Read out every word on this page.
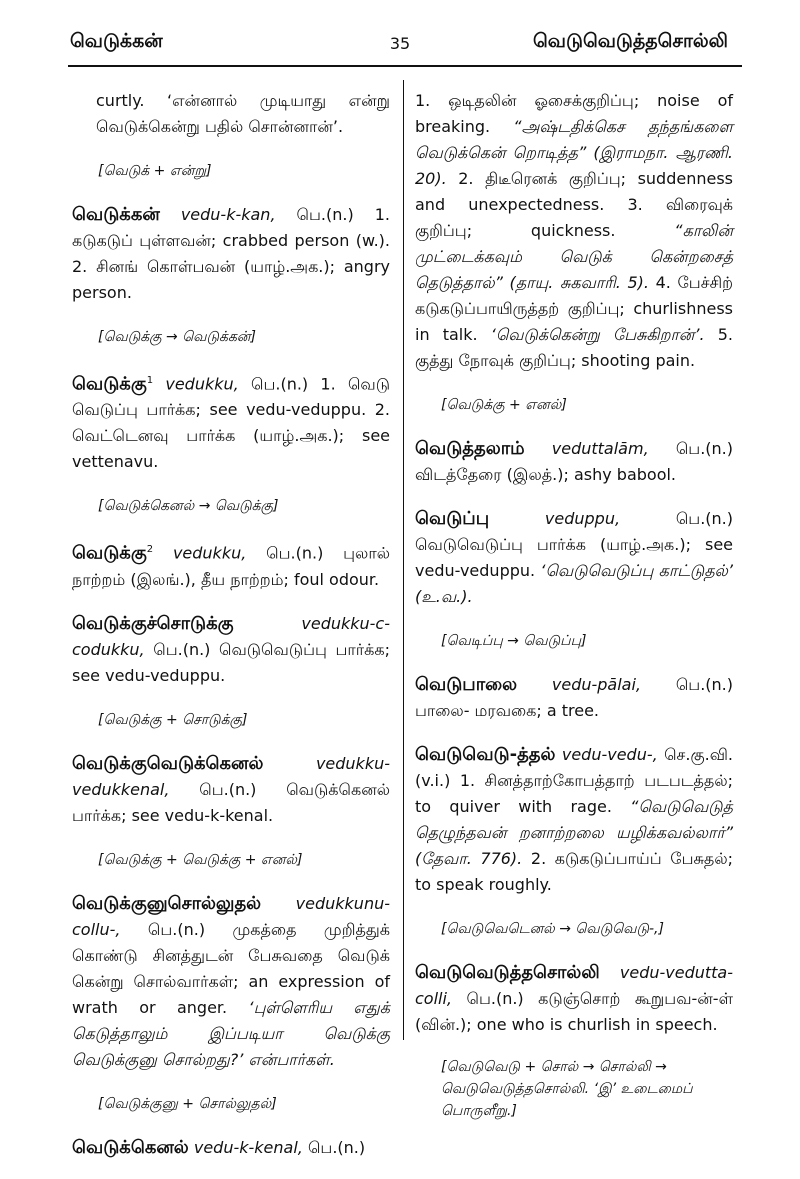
வெடுக்கன்	35	வெடுவெடுத்தசொல்லி

curtly. ‘என்னால் முடியாது என்று வெடுக்கென்று பதில் சொன்னான்’.

[வெடுக் + என்று]

வெடுக்கன் vedu-k-kan, பெ.(n.) 1. கடுகடுப் புள்ளவன்; crabbed person (w.). 2. சினங் கொள்பவன் (யாழ்.அக.); angry person.

[வெடுக்கு → வெடுக்கன்]

வெடுக்கு$^1$ vedukku, பெ.(n.) 1. வெடு வெடுப்பு பார்க்க; see vedu-veduppu. 2. வெட்டெனவு பார்க்க (யாழ்.அக.); see vettenavu.

[வெடுக்கெனல் → வெடுக்கு]

வெடுக்கு$^2$ vedukku, பெ.(n.) புலால் நாற்றம் (இலங்.), தீய நாற்றம்; foul odour.

வெடுக்குச்சொடுக்கு	vedukku-c-codukku, பெ.(n.) வெடுவெடுப்பு பார்க்க; see vedu-veduppu.

[வெடுக்கு + சொடுக்கு]

வெடுக்குவெடுக்கெனல்	vedukku-vedukkenal, பெ.(n.) வெடுக்கெனல் பார்க்க; see vedu-k-kenal.

[வெடுக்கு + வெடுக்கு + எனல்]

வெடுக்குனுசொல்லுதல் vedukkunu-collu-, பெ.(n.) முகத்தை முறித்துக் கொண்டு சினத்துடன் பேசுவதை வெடுக் கென்று சொல்வார்கள்; an expression of wrath or anger. ‘புள்ளெரிய எதுக் கெடுத்தாலும் இப்படியா வெடுக்கு வெடுக்குனு சொல்றது?’ என்பார்கள்.

[வெடுக்குனு + சொல்லுதல்]

வெடுக்கெனல் vedu-k-kenal, பெ.(n.)

1. ஒடிதலின் ஓசைக்குறிப்பு; noise of breaking. “அஷ்டதிக்கெச தந்தங்களை வெடுக்கென் றொடித்த” (இராமநா. ஆரணி. 20). 2. திடீரெனக் குறிப்பு; suddenness and unexpectedness. 3. விரைவுக் குறிப்பு; quickness.	“காலின் முட்டைக்கவும் வெடுக் கென்றசைத் தெடுத்தால்” (தாயு. சுகவாரி. 5). 4. பேச்சிற் கடுகடுப்பாயிருத்தற் குறிப்பு; churlishness in talk. ‘வெடுக்கென்று பேசுகிறான்’. 5. குத்து நோவுக் குறிப்பு; shooting pain.

[வெடுக்கு + எனல்]

வெடுத்தலாம் veduttalām, பெ.(n.) விடத்தேரை (இலத்.); ashy babool.

வெடுப்பு	veduppu,	பெ.(n.) வெடுவெடுப்பு பார்க்க (யாழ்.அக.); see vedu-veduppu. ‘வெடுவெடுப்பு காட்டுதல்’ (உ.வ.).

[வெடிப்பு → வெடுப்பு]

வெடுபாலை vedu-pālai, பெ.(n.) பாலை- மரவகை; a tree.

வெடுவெடு-த்தல் vedu-vedu-, செ.கு.வி. (v.i.) 1. சினத்தாற்கோபத்தாற் படபடத்தல்; to quiver with rage. “வெடுவெடுத் தெழுந்தவன் றனாற்றலை யழிக்கவல்லார்” (தேவா. 776). 2. கடுகடுப்பாய்ப் பேசுதல்; to speak roughly.

[வெடுவெடெனல் → வெடுவெடு-,]

வெடுவெடுத்தசொல்லி vedu-vedutta-colli, பெ.(n.) கடுஞ்சொற் கூறுபவ-ன்-ள் (வின்.); one who is churlish in speech.

[வெடுவெடு + சொல் → சொல்லி → வெடுவெடுத்தசொல்லி. ‘இ’ உடைமைப் பொருளீறு.]
